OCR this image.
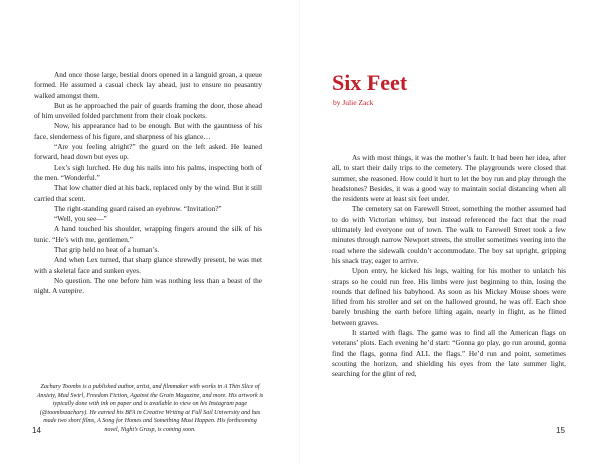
And once those large, bestial doors opened in a languid groan, a queue formed. He assumed a casual check lay ahead, just to ensure no peasantry walked amongst them.

But as he approached the pair of guards framing the door, those ahead of him unveiled folded parchment from their cloak pockets.

Now, his appearance had to be enough. But with the gauntness of his face, slenderness of his figure, and sharpness of his glance…

“Are you feeling alright?” the guard on the left asked. He leaned forward, head down but eyes up.

Lex’s sigh lurched. He dug his nails into his palms, inspecting both of the men. “Wonderful.”

That low chatter died at his back, replaced only by the wind. But it still carried that scent.

The right-standing guard raised an eyebrow. “Invitation?”

“Well, you see—”

A hand touched his shoulder, wrapping fingers around the silk of his tunic. “He’s with me, gentlemen.”

That grip held no heat of a human’s.

And when Lex turned, that sharp glance shrewdly present, he was met with a skeletal face and sunken eyes.

No question. The one before him was nothing less than a beast of the night. A vampire.

Zachary Toombs is a published author, artist, and filmmaker with works in A Thin Slice of Anxiety, Mad Swirl, Freedom Fiction, Against the Grain Magazine, and more. His artwork is typically done with ink on paper and is available to view on his Instagram page (@toombszachary). He earned his BFA in Creative Writing at Full Sail University and has made two short films, A Song for Homes and Something Must Happen. His forthcoming novel, Night’s Grasp, is coming soon.

14
Six Feet
by Julie Zack

As with most things, it was the mother’s fault. It had been her idea, after all, to start their daily trips to the cemetery. The playgrounds were closed that summer, she reasoned. How could it hurt to let the boy run and play through the headstones? Besides, it was a good way to maintain social distancing when all the residents were at least six feet under.

The cemetery sat on Farewell Street, something the mother assumed had to do with Victorian whimsy, but instead referenced the fact that the road ultimately led everyone out of town. The walk to Farewell Street took a few minutes through narrow Newport streets, the stroller sometimes veering into the road where the sidewalk couldn’t accommodate. The boy sat upright, gripping his snack tray, eager to arrive.

Upon entry, he kicked his legs, waiting for his mother to unlatch his straps so he could run free. His limbs were just beginning to thin, losing the rounds that defined his babyhood. As soon as his Mickey Mouse shoes were lifted from his stroller and set on the hallowed ground, he was off. Each shoe barely brushing the earth before lifting again, nearly in flight, as he flitted between graves.

It started with flags. The game was to find all the American flags on veterans’ plots. Each evening he’d start: “Gonna go play, go run around, gonna find the flags, gonna find ALL the flags.” He’d run and point, sometimes scouting the horizon, and shielding his eyes from the late summer light, searching for the glint of red,

15
